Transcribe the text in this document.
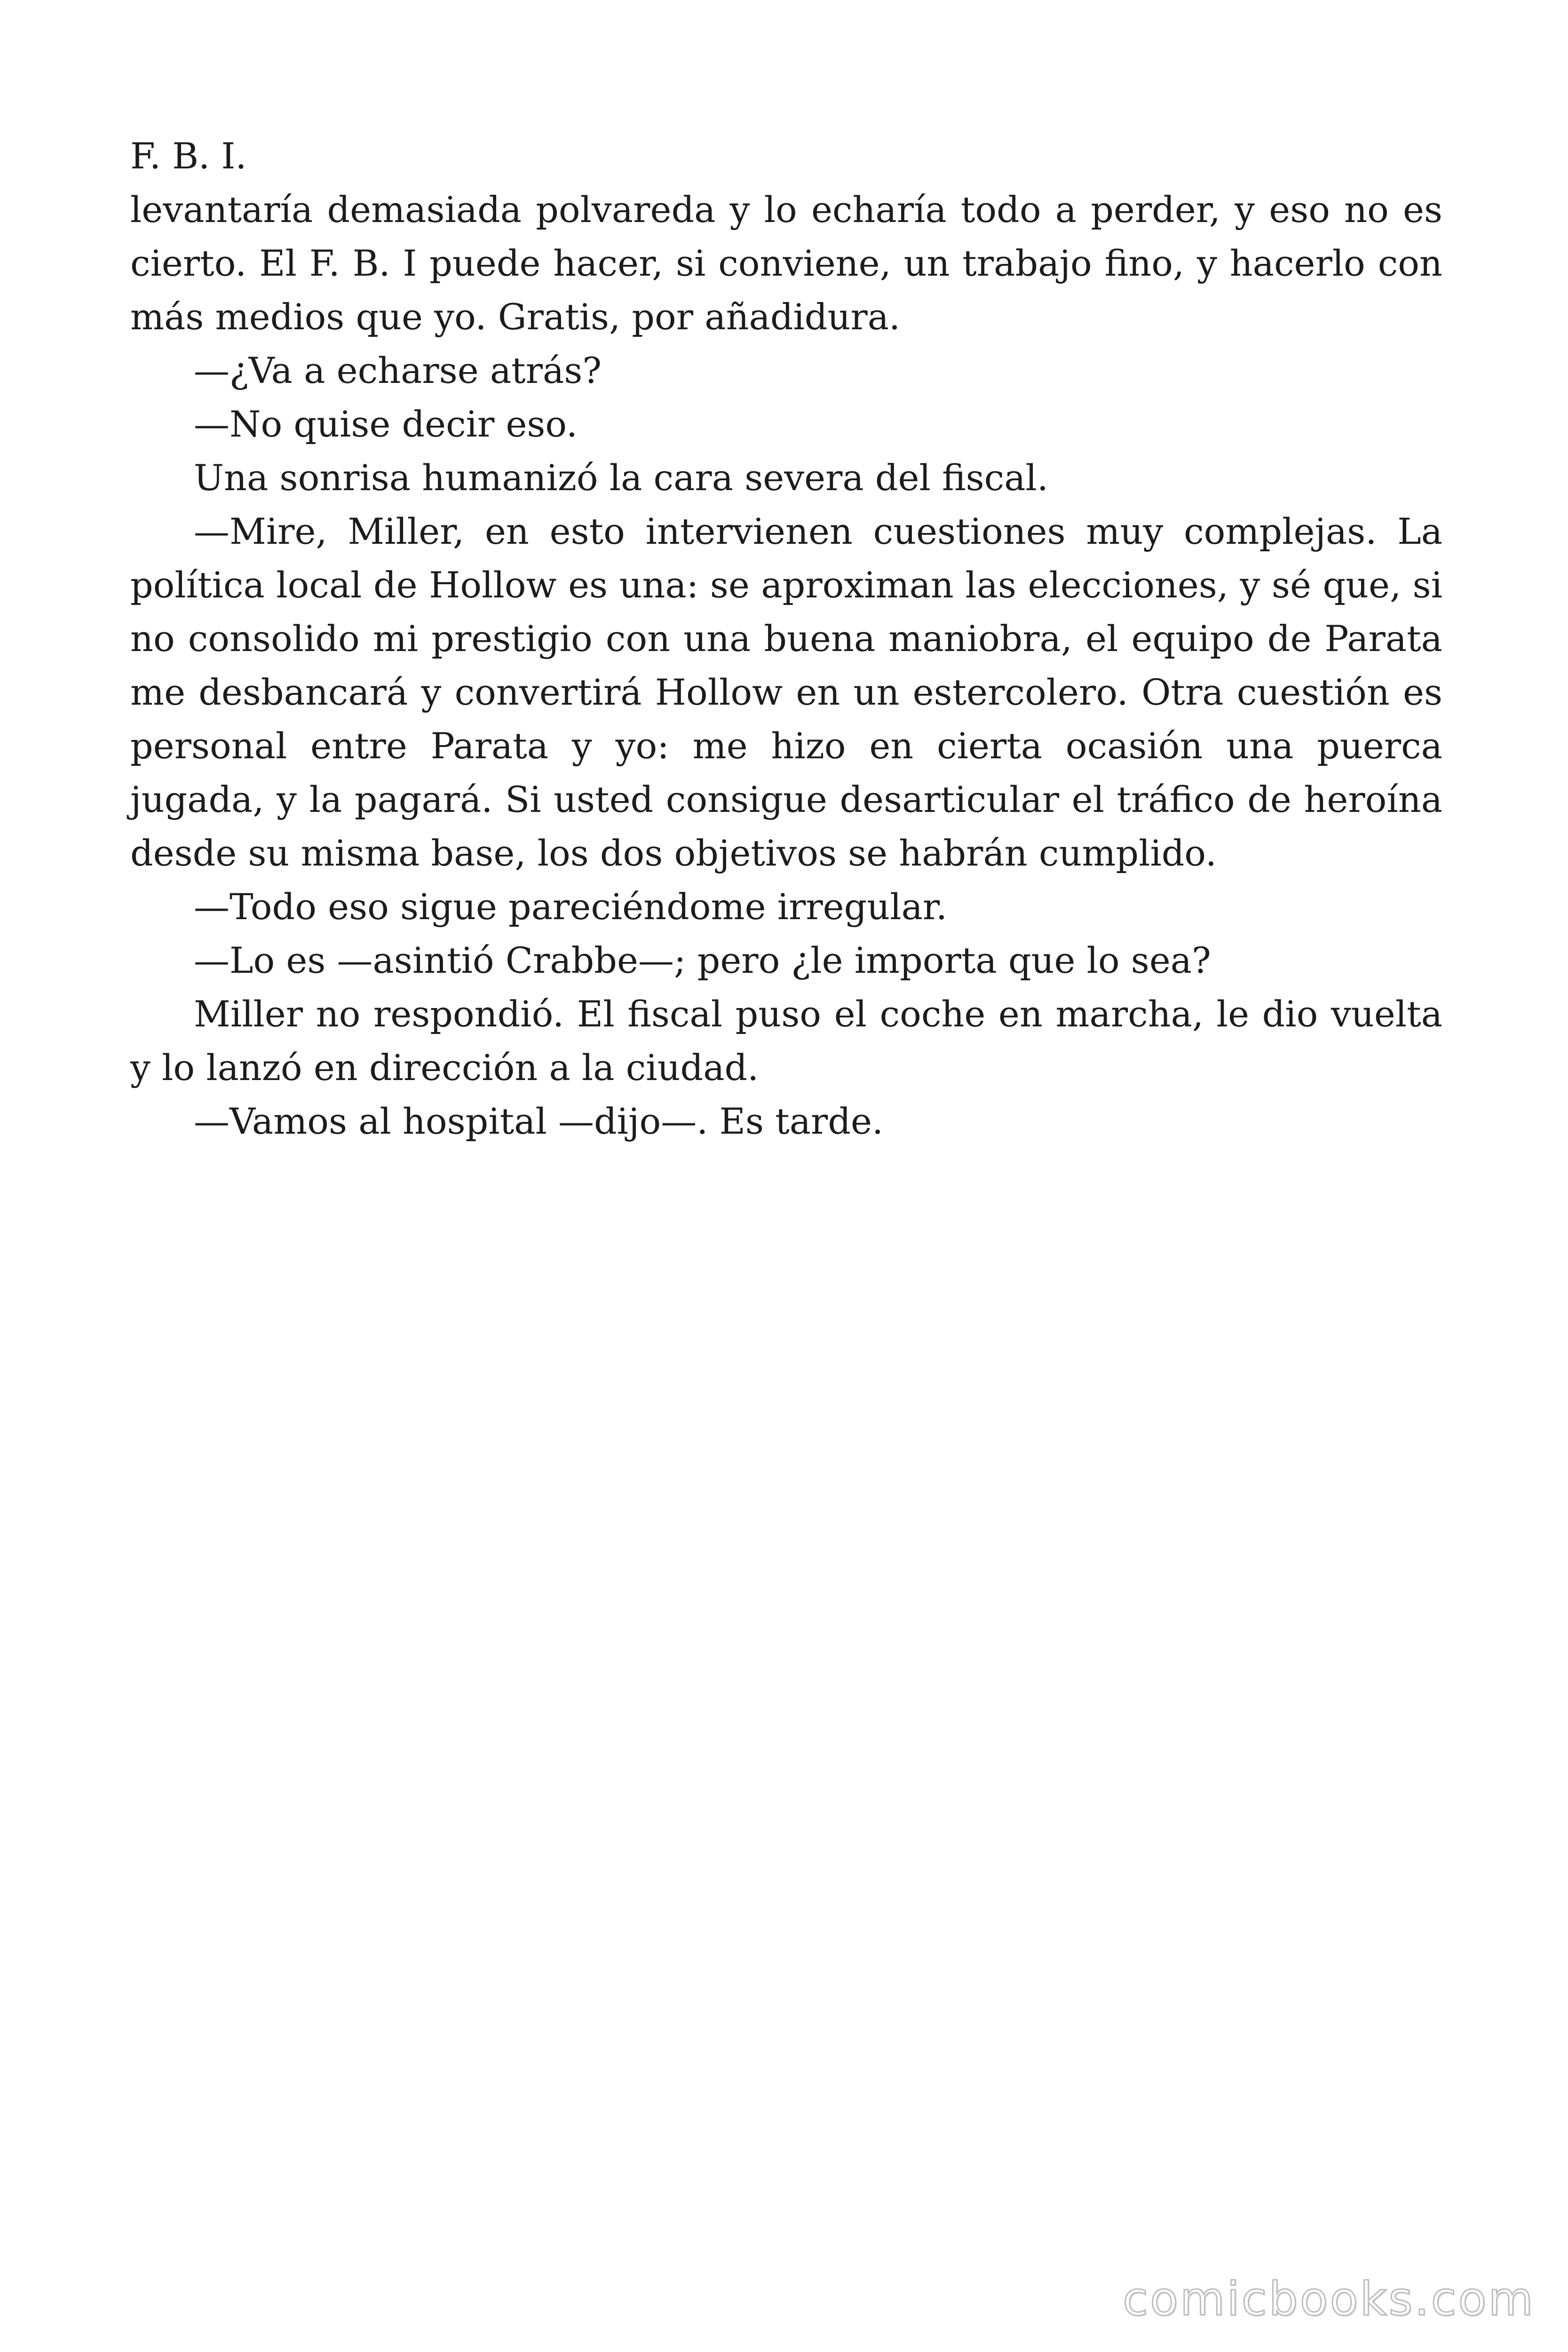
F. B. I.

levantaría demasiada polvareda y lo echaría todo a perder, y eso no es cierto. El F. B. I puede hacer, si conviene, un trabajo fino, y hacerlo con más medios que yo. Gratis, por añadidura.

—¿Va a echarse atrás?

—No quise decir eso.

Una sonrisa humanizó la cara severa del fiscal.

—Mire, Miller, en esto intervienen cuestiones muy complejas. La política local de Hollow es una: se aproximan las elecciones, y sé que, si no consolido mi prestigio con una buena maniobra, el equipo de Parata me desbancará y convertirá Hollow en un estercolero. Otra cuestión es personal entre Parata y yo: me hizo en cierta ocasión una puerca jugada, y la pagará. Si usted consigue desarticular el tráfico de heroína desde su misma base, los dos objetivos se habrán cumplido.

—Todo eso sigue pareciéndome irregular.

—Lo es —asintió Crabbe—; pero ¿le importa que lo sea?

Miller no respondió. El fiscal puso el coche en marcha, le dio vuelta y lo lanzó en dirección a la ciudad.

—Vamos al hospital —dijo—. Es tarde.

comicbooks.com
